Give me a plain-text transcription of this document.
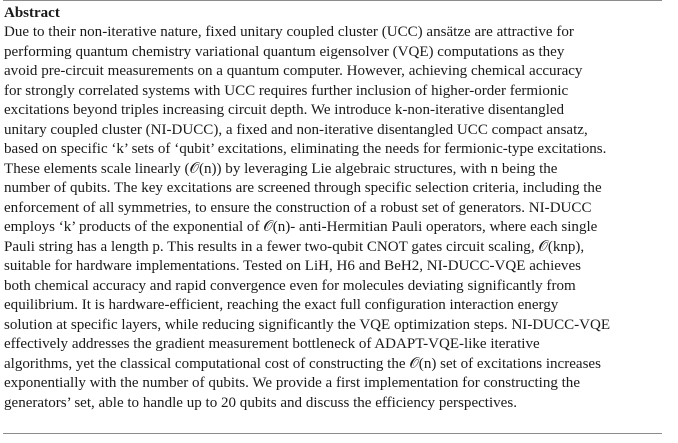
Abstract
Due to their non-iterative nature, fixed unitary coupled cluster (UCC) ansätze are attractive for
performing quantum chemistry variational quantum eigensolver (VQE) computations as they
avoid pre-circuit measurements on a quantum computer. However, achieving chemical accuracy
for strongly correlated systems with UCC requires further inclusion of higher-order fermionic
excitations beyond triples increasing circuit depth. We introduce k-non-iterative disentangled
unitary coupled cluster (NI-DUCC), a fixed and non-iterative disentangled UCC compact ansatz,
based on specific ‘k’ sets of ‘qubit’ excitations, eliminating the needs for fermionic-type excitations.
These elements scale linearly (𝒪(n)) by leveraging Lie algebraic structures, with n being the
number of qubits. The key excitations are screened through specific selection criteria, including the
enforcement of all symmetries, to ensure the construction of a robust set of generators. NI-DUCC
employs ‘k’ products of the exponential of 𝒪(n)- anti-Hermitian Pauli operators, where each single
Pauli string has a length p. This results in a fewer two-qubit CNOT gates circuit scaling, 𝒪(knp),
suitable for hardware implementations. Tested on LiH, H6 and BeH2, NI-DUCC-VQE achieves
both chemical accuracy and rapid convergence even for molecules deviating significantly from
equilibrium. It is hardware-efficient, reaching the exact full configuration interaction energy
solution at specific layers, while reducing significantly the VQE optimization steps. NI-DUCC-VQE
effectively addresses the gradient measurement bottleneck of ADAPT-VQE-like iterative
algorithms, yet the classical computational cost of constructing the 𝒪(n) set of excitations increases
exponentially with the number of qubits. We provide a first implementation for constructing the
generators’ set, able to handle up to 20 qubits and discuss the efficiency perspectives.
